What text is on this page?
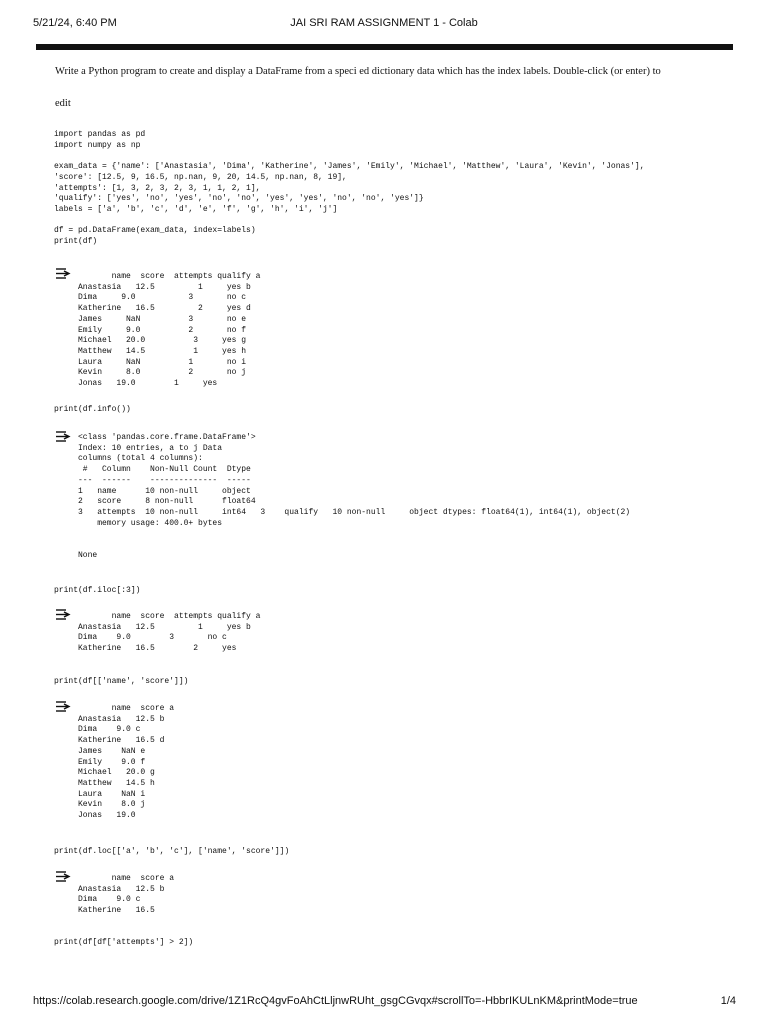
5/21/24, 6:40 PM	JAI SRI RAM ASSIGNMENT 1 - Colab
Write a Python program to create and display a DataFrame from a speci ed dictionary data which has the index labels. Double-click (or enter) to
edit
import pandas as pd
import numpy as np

exam_data = {'name': ['Anastasia', 'Dima', 'Katherine', 'James', 'Emily', 'Michael', 'Matthew', 'Laura', 'Kevin', 'Jonas'],
'score': [12.5, 9, 16.5, np.nan, 9, 20, 14.5, np.nan, 8, 19],
'attempts': [1, 3, 2, 3, 2, 3, 1, 1, 2, 1],
'qualify': ['yes', 'no', 'yes', 'no', 'no', 'yes', 'yes', 'no', 'no', 'yes']}
labels = ['a', 'b', 'c', 'd', 'e', 'f', 'g', 'h', 'i', 'j']

df = pd.DataFrame(exam_data, index=labels)
print(df)
name  score  attempts qualify a
Anastasia   12.5         1     yes b
Dima     9.0           3       no c
Katherine   16.5         2     yes d
James     NaN          3       no e
Emily     9.0          2       no f
Michael   20.0          3     yes g
Matthew   14.5          1     yes h
Laura     NaN          1       no i
Kevin     8.0          2       no j
Jonas   19.0        1     yes
print(df.info())
<class 'pandas.core.frame.DataFrame'>
Index: 10 entries, a to j Data
columns (total 4 columns):
#   Column    Non-Null Count  Dtype
---  ------    --------------  -----
1   name      10 non-null     object
2   score     8 non-null      float64
3   attempts  10 non-null     int64   3    qualify   10 non-null     object dtypes: float64(1), int64(1), object(2)
memory usage: 400.0+ bytes

None
print(df.iloc[:3])
name  score  attempts qualify a
Anastasia   12.5         1     yes b
Dima    9.0        3       no c
Katherine   16.5        2     yes
print(df[['name', 'score']])
name  score a
Anastasia   12.5 b
Dima    9.0 c
Katherine   16.5 d
James    NaN e
Emily    9.0 f
Michael   20.0 g
Matthew   14.5 h
Laura    NaN i
Kevin    8.0 j
Jonas   19.0
print(df.loc[['a', 'b', 'c'], ['name', 'score']])
name  score a
Anastasia   12.5 b
Dima    9.0 c
Katherine   16.5
print(df[df['attempts'] > 2])
https://colab.research.google.com/drive/1Z1RcQ4gvFoAhCtLljnwRUht_gsgCGvqx#scrollTo=-HbbrIKULnKM&printMode=true	1/4
